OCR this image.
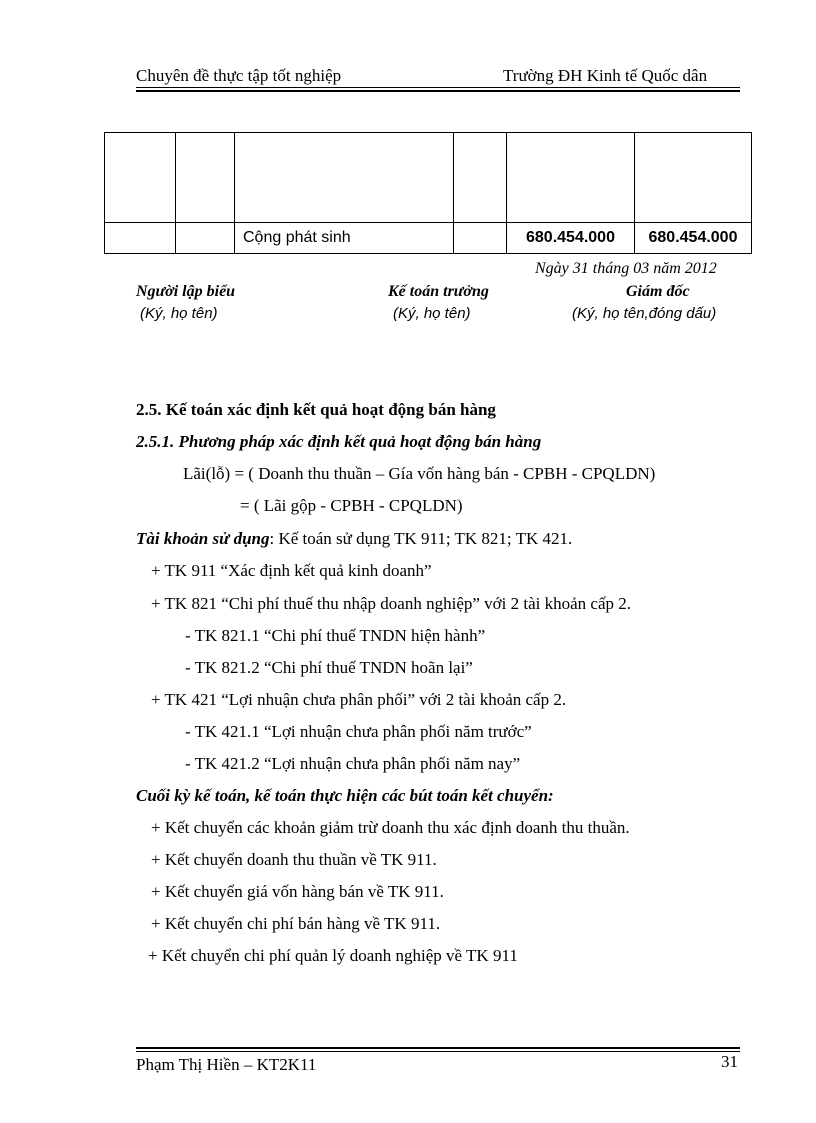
Chuyên đề thực tập tốt nghiệp	Trường ĐH Kinh tế Quốc dân

		Cộng phát sinh		680.454.000	680.454.000
Ngày 31 tháng 03 năm 2012
Người lập biểu
(Ký, họ tên)
Kế toán trưởng
(Ký, họ tên)
Giám đốc
(Ký, họ tên,đóng dấu)
2.5. Kế toán xác định kết quả hoạt động bán hàng
2.5.1. Phương pháp xác định kết quả hoạt động bán hàng
Lãi(lỗ) = ( Doanh thu thuần – Gía vốn hàng bán - CPBH - CPQLDN)
= ( Lãi gộp - CPBH - CPQLDN)
Tài khoản sử dụng: Kế toán sử dụng TK 911; TK 821; TK 421.
+ TK 911 “Xác định kết quả kinh doanh”
+ TK 821 “Chi phí thuế thu nhập doanh nghiệp” với 2 tài khoản cấp 2.
- TK 821.1 “Chi phí thuế TNDN hiện hành”
- TK 821.2 “Chi phí thuế TNDN hoãn lại”
+ TK 421 “Lợi nhuận chưa phân phối” với 2 tài khoản cấp 2.
- TK 421.1 “Lợi nhuận chưa phân phối năm trước”
- TK 421.2 “Lợi nhuận chưa phân phối năm nay”
Cuối kỳ kế toán, kế toán thực hiện các bút toán kết chuyển:
+ Kết chuyển các khoản giảm trừ doanh thu xác định doanh thu thuần.
+ Kết chuyển doanh thu thuần về TK 911.
+ Kết chuyển giá vốn hàng bán về TK 911.
+ Kết chuyển chi phí bán hàng về TK 911.
+ Kết chuyển chi phí quản lý doanh nghiệp về TK 911
Phạm Thị Hiền – KT2K11	31
